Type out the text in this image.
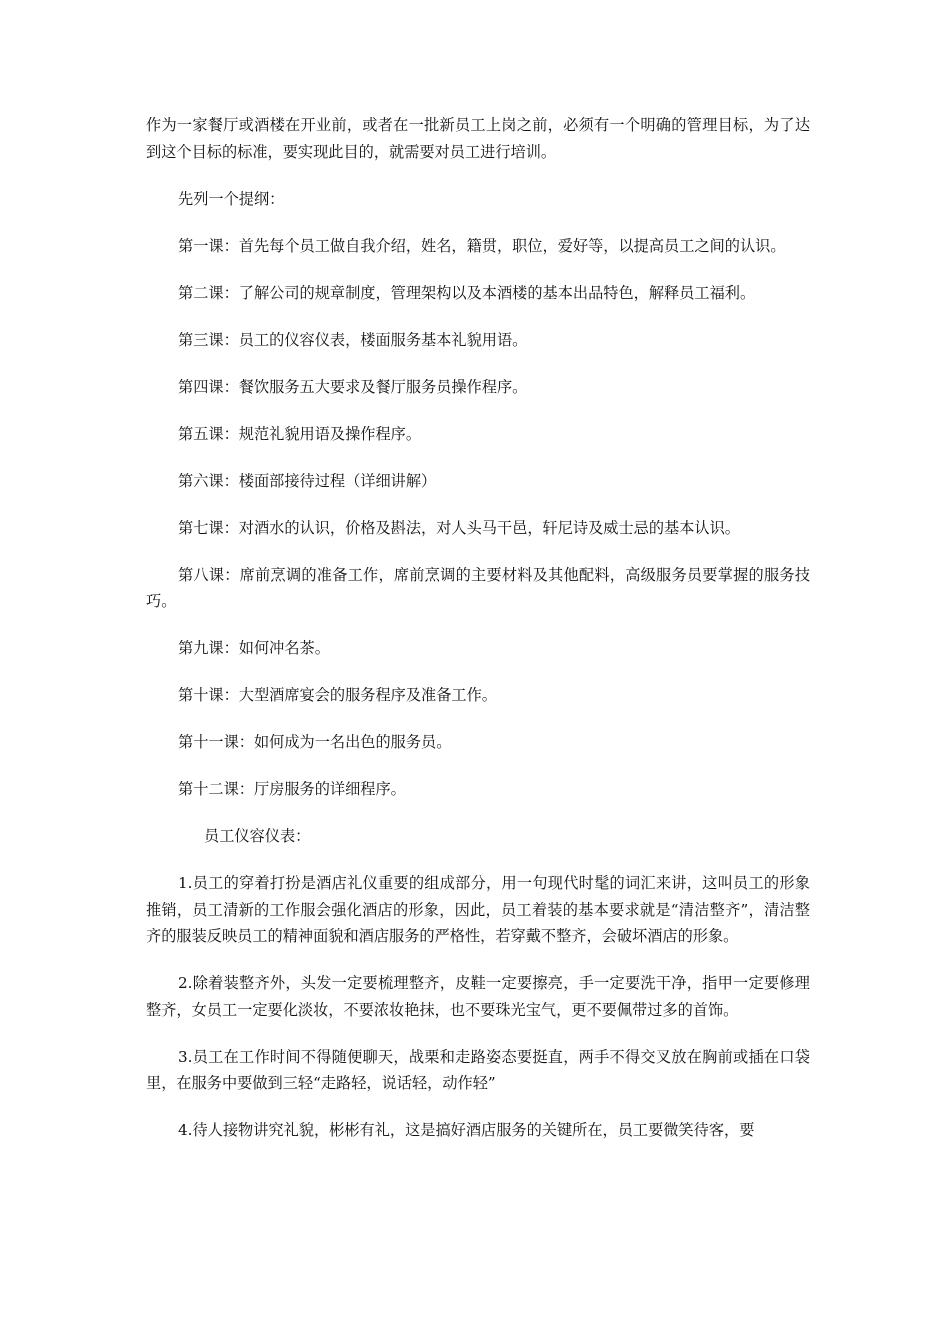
作为一家餐厅或酒楼在开业前，或者在一批新员工上岗之前，必须有一个明确的管理目标，为了达到这个目标的标准，要实现此目的，就需要对员工进行培训。

先列一个提纲：

第一课：首先每个员工做自我介绍，姓名，籍贯，职位，爱好等，以提高员工之间的认识。

第二课：了解公司的规章制度，管理架构以及本酒楼的基本出品特色，解释员工福利。

第三课：员工的仪容仪表，楼面服务基本礼貌用语。

第四课：餐饮服务五大要求及餐厅服务员操作程序。

第五课：规范礼貌用语及操作程序。

第六课：楼面部接待过程（详细讲解）

第七课：对酒水的认识，价格及斟法，对人头马干邑，轩尼诗及威士忌的基本认识。

第八课：席前烹调的准备工作，席前烹调的主要材料及其他配料，高级服务员要掌握的服务技巧。

第九课：如何冲名茶。

第十课：大型酒席宴会的服务程序及准备工作。

第十一课：如何成为一名出色的服务员。

第十二课：厅房服务的详细程序。

员工仪容仪表：

1.员工的穿着打扮是酒店礼仪重要的组成部分，用一句现代时髦的词汇来讲，这叫员工的形象推销，员工清新的工作服会强化酒店的形象，因此，员工着装的基本要求就是“清洁整齐”，清洁整齐的服装反映员工的精神面貌和酒店服务的严格性，若穿戴不整齐，会破坏酒店的形象。

2.除着装整齐外，头发一定要梳理整齐，皮鞋一定要擦亮，手一定要洗干净，指甲一定要修理整齐，女员工一定要化淡妆，不要浓妆艳抹，也不要珠光宝气，更不要佩带过多的首饰。

3.员工在工作时间不得随便聊天，战栗和走路姿态要挺直，两手不得交叉放在胸前或插在口袋里，在服务中要做到三轻“走路轻，说话轻，动作轻”

4.待人接物讲究礼貌，彬彬有礼，这是搞好酒店服务的关键所在，员工要微笑待客，要
